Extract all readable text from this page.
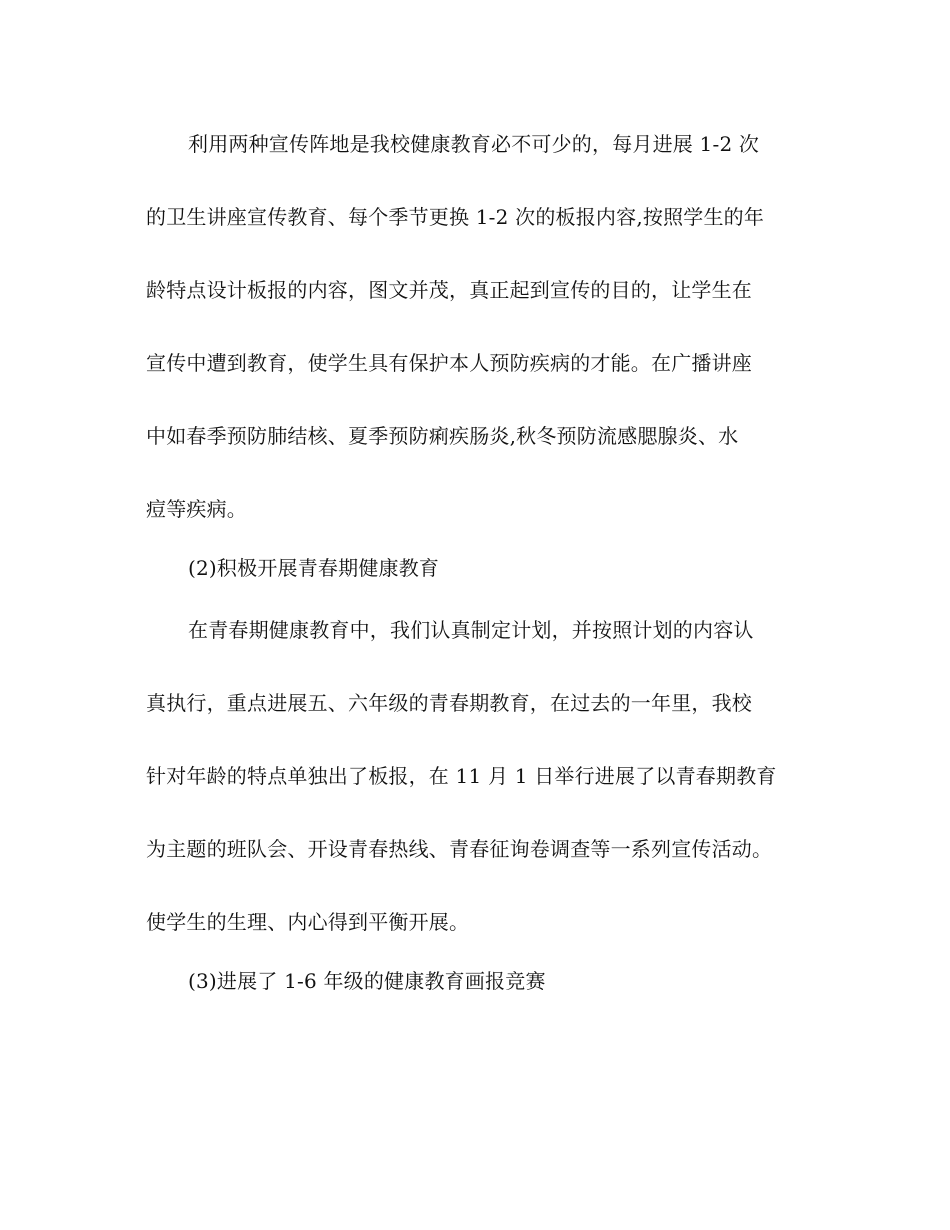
利用两种宣传阵地是我校健康教育必不可少的，每月进展 1-2 次
的卫生讲座宣传教育、每个季节更换 1-2 次的板报内容,按照学生的年
龄特点设计板报的内容，图文并茂，真正起到宣传的目的，让学生在
宣传中遭到教育，使学生具有保护本人预防疾病的才能。在广播讲座
中如春季预防肺结核、夏季预防痢疾肠炎,秋冬预防流感腮腺炎、水
痘等疾病。
(2)积极开展青春期健康教育
在青春期健康教育中，我们认真制定计划，并按照计划的内容认
真执行，重点进展五、六年级的青春期教育，在过去的一年里，我校
针对年龄的特点单独出了板报，在 11 月 1 日举行进展了以青春期教育
为主题的班队会、开设青春热线、青春征询卷调查等一系列宣传活动。
使学生的生理、内心得到平衡开展。
(3)进展了 1-6 年级的健康教育画报竞赛
